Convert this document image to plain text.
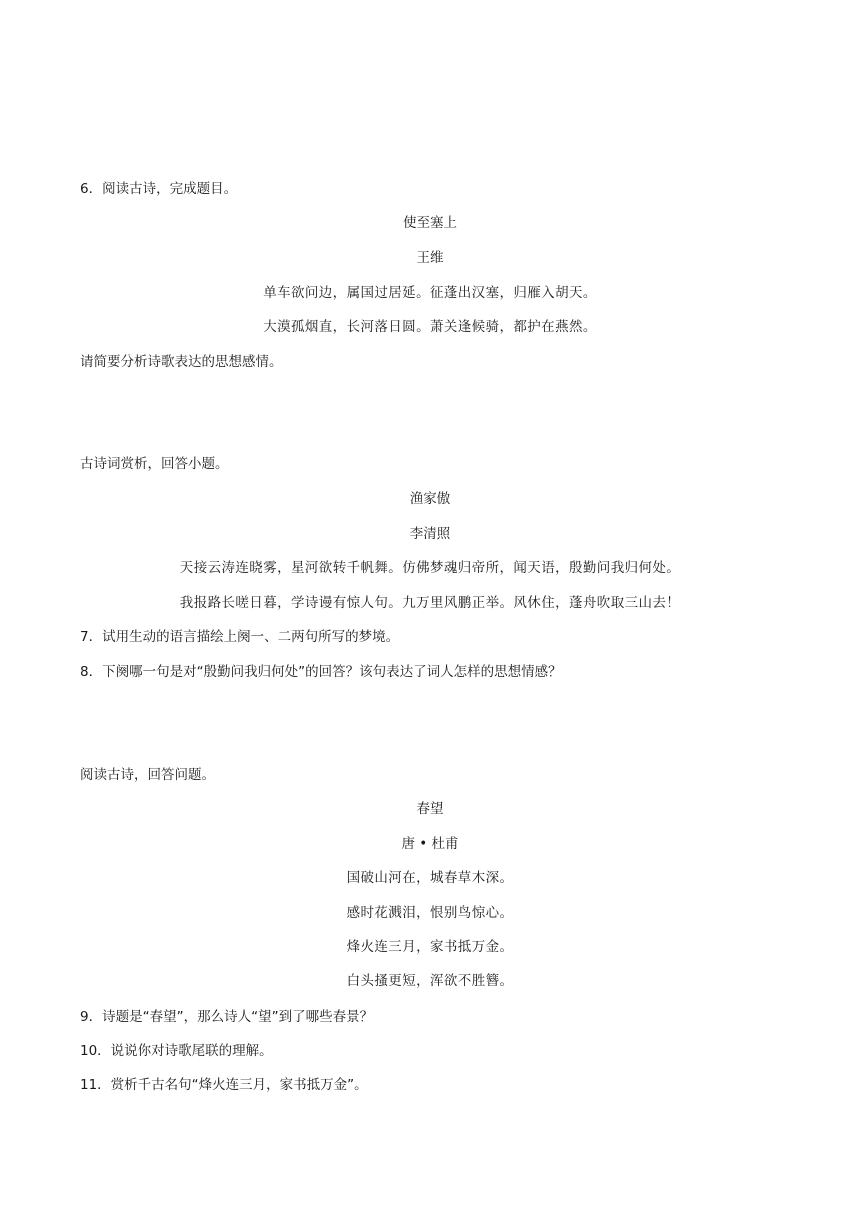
6．阅读古诗，完成题目。
使至塞上
王维
单车欲问边，属国过居延。征蓬出汉塞，归雁入胡天。
大漠孤烟直，长河落日圆。萧关逢候骑，都护在燕然。
请简要分析诗歌表达的思想感情。
古诗词赏析，回答小题。
渔家傲
李清照
天接云涛连晓雾，星河欲转千帆舞。仿佛梦魂归帝所，闻天语，殷勤问我归何处。
我报路长嗟日暮，学诗谩有惊人句。九万里风鹏正举。风休住，蓬舟吹取三山去！
7．试用生动的语言描绘上阕一、二两句所写的梦境。
8．下阕哪一句是对“殷勤问我归何处”的回答？该句表达了词人怎样的思想情感？
阅读古诗，回答问题。
春望
唐 • 杜甫
国破山河在，城春草木深。
感时花溅泪，恨别鸟惊心。
烽火连三月，家书抵万金。
白头搔更短，浑欲不胜簪。
9．诗题是“春望”，那么诗人“望”到了哪些春景？
10．说说你对诗歌尾联的理解。
11．赏析千古名句“烽火连三月，家书抵万金”。
